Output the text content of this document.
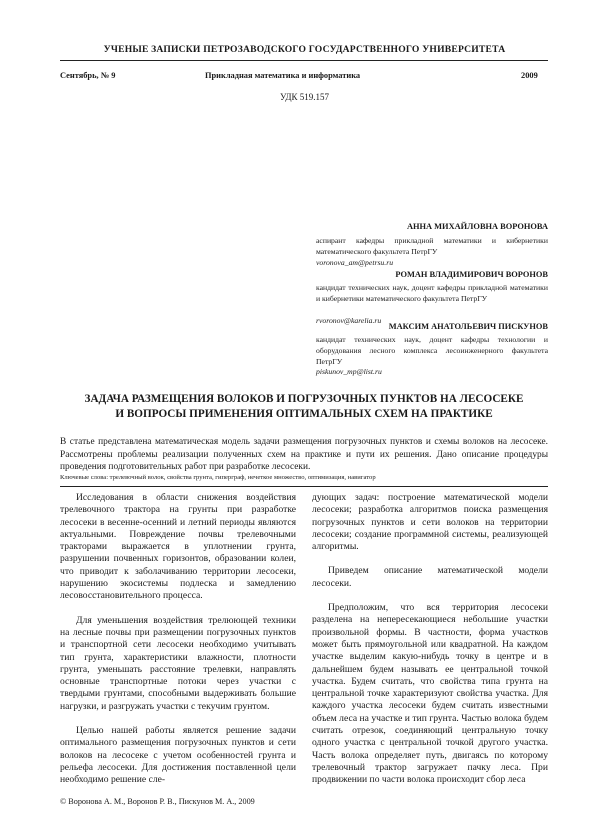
УЧЕНЫЕ ЗАПИСКИ ПЕТРОЗАВОДСКОГО ГОСУДАРСТВЕННОГО УНИВЕРСИТЕТА
Сентябрь, № 9	Прикладная математика и информатика	2009
УДК 519.157
АННА МИХАЙЛОВНА ВОРОНОВА
аспирант кафедры прикладной математики и кибернетики математического факультета ПетрГУ
voronova_am@petrsu.ru
РОМАН ВЛАДИМИРОВИЧ ВОРОНОВ
кандидат технических наук, доцент кафедры прикладной математики и кибернетики математического факультета ПетрГУ
rvoronov@karelia.ru
МАКСИМ АНАТОЛЬЕВИЧ ПИСКУНОВ
кандидат технических наук, доцент кафедры технологии и оборудования лесного комплекса лесоинженерного факультета ПетрГУ
piskunov_mp@list.ru
ЗАДАЧА РАЗМЕЩЕНИЯ ВОЛОКОВ И ПОГРУЗОЧНЫХ ПУНКТОВ НА ЛЕСОСЕКЕ
И ВОПРОСЫ ПРИМЕНЕНИЯ ОПТИМАЛЬНЫХ СХЕМ НА ПРАКТИКЕ

В статье представлена математическая модель задачи размещения погрузочных пунктов и схемы волоков на лесосеке. Рассмотрены проблемы реализации полученных схем на практике и пути их решения. Дано описание процедуры проведения подготовительных работ при разработке лесосеки.

Ключевые слова: трелевочный волок, свойства грунта, гиперграф, нечеткое множество, оптимизация, навигатор

Исследования в области снижения воздействия трелевочного трактора на грунты при разработке лесосеки в весенне-осенний и летний периоды являются актуальными. Повреждение почвы трелевочными тракторами выражается в уплотнении грунта, разрушении почвенных горизонтов, образовании колеи, что приводит к заболачиванию территории лесосеки, нарушению экосистемы подлеска и замедлению лесовосстановительного процесса.

Для уменьшения воздействия трелюющей техники на лесные почвы при размещении погрузочных пунктов и транспортной сети лесосеки необходимо учитывать тип грунта, характеристики влажности, плотности грунта, уменьшать расстояние трелевки, направлять основные транспортные потоки через участки с твердыми грунтами, способными выдерживать большие нагрузки, и разгружать участки с текучим грунтом.

Целью нашей работы является решение задачи оптимального размещения погрузочных пунктов и сети волоков на лесосеке с учетом особенностей грунта и рельефа лесосеки. Для достижения поставленной цели необходимо решение сле-

дующих задач: построение математической модели лесосеки; разработка алгоритмов поиска размещения погрузочных пунктов и сети волоков на территории лесосеки; создание программной системы, реализующей алгоритмы.

Приведем описание математической модели лесосеки.

Предположим, что вся территория лесосеки разделена на непересекающиеся небольшие участки произвольной формы. В частности, форма участков может быть прямоугольной или квадратной. На каждом участке выделим какую-нибудь точку в центре и в дальнейшем будем называть ее центральной точкой участка. Будем считать, что свойства типа грунта на центральной точке характеризуют свойства участка. Для каждого участка лесосеки будем считать известными объем леса на участке и тип грунта. Частью волока будем считать отрезок, соединяющий центральную точку одного участка с центральной точкой другого участка. Часть волока определяет путь, двигаясь по которому трелевочный трактор загружает пачку леса. При продвижении по части волока происходит сбор леса

© Воронова А. М., Воронов Р. В., Пискунов М. А., 2009
